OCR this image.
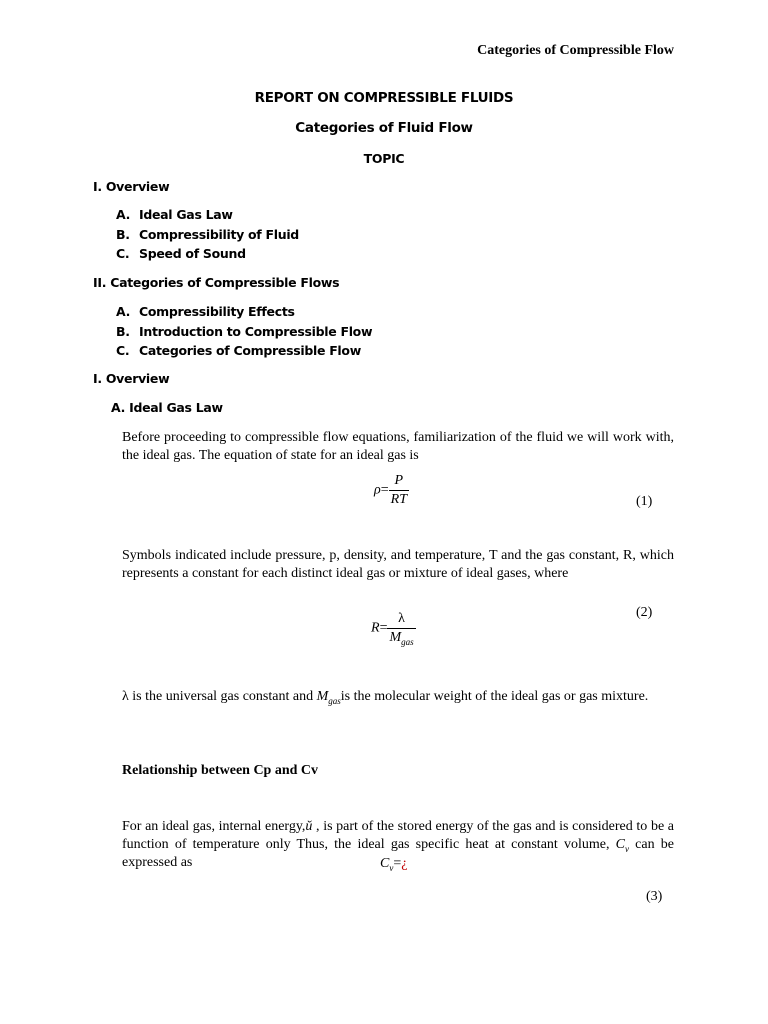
Categories of Compressible Flow
REPORT ON COMPRESSIBLE FLUIDS
Categories of Fluid Flow
TOPIC
I. Overview
A. Ideal Gas Law
B. Compressibility of Fluid
C. Speed of Sound
II. Categories of Compressible Flows
A. Compressibility Effects
B. Introduction to Compressible Flow
C. Categories of Compressible Flow
I. Overview
A. Ideal Gas Law
Before proceeding to compressible flow equations, familiarization of the fluid we will work with, the ideal gas. The equation of state for an ideal gas is
$\rho= \frac{P}{RT}$	(1)
Symbols indicated include pressure, p, density, and temperature, T and the gas constant, R, which represents a constant for each distinct ideal gas or mixture of ideal gases, where
(2)
$R= \frac{\lambda}{M_{gas}}$
λ is the universal gas constant and $M_{gas}is$ the molecular weight of the ideal gas or gas mixture.
Relationship between Cp and Cv
For an ideal gas, internal energy,ŭ , is part of the stored energy of the gas and is considered to be a function of temperature only Thus, the ideal gas specific heat at constant volume, $C_v$ can be expressed as	$C_v=¿$
(3)
